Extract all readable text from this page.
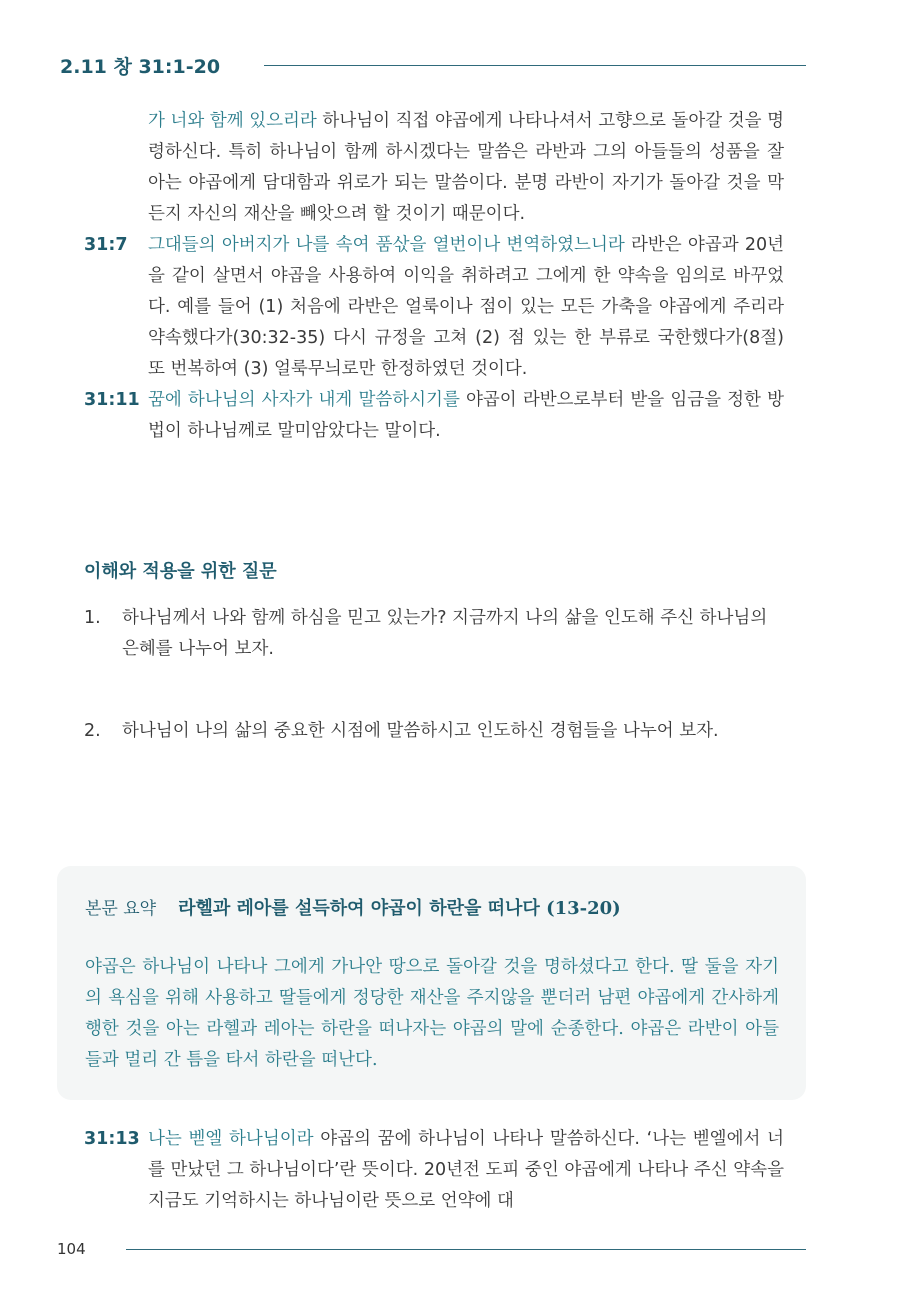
2.11 창 31:1-20
가 너와 함께 있으리라 하나님이 직접 야곱에게 나타나셔서 고향으로 돌아갈 것을 명령하신다. 특히 하나님이 함께 하시겠다는 말씀은 라반과 그의 아들들의 성품을 잘 아는 야곱에게 담대함과 위로가 되는 말씀이다. 분명 라반이 자기가 돌아갈 것을 막든지 자신의 재산을 빼앗으려 할 것이기 때문이다.
31:7	그대들의 아버지가 나를 속여 품삯을 열번이나 변역하였느니라 라반은 야곱과 20년을 같이 살면서 야곱을 사용하여 이익을 취하려고 그에게 한 약속을 임의로 바꾸었다. 예를 들어 (1) 처음에 라반은 얼룩이나 점이 있는 모든 가축을 야곱에게 주리라 약속했다가(30:32-35) 다시 규정을 고쳐 (2) 점 있는 한 부류로 국한했다가(8절) 또 번복하여 (3) 얼룩무늬로만 한정하였던 것이다.
31:11 꿈에 하나님의 사자가 내게 말씀하시기를 야곱이 라반으로부터 받을 임금을 정한 방법이 하나님께로 말미암았다는 말이다.
이해와 적용을 위한 질문
1.	하나님께서 나와 함께 하심을 믿고 있는가? 지금까지 나의 삶을 인도해 주신 하나님의 은혜를 나누어 보자.
2.	하나님이 나의 삶의 중요한 시점에 말씀하시고 인도하신 경험들을 나누어 보자.
본문 요약 라헬과 레아를 설득하여 야곱이 하란을 떠나다 (13-20)
야곱은 하나님이 나타나 그에게 가나안 땅으로 돌아갈 것을 명하셨다고 한다. 딸 둘을 자기의 욕심을 위해 사용하고 딸들에게 정당한 재산을 주지않을 뿐더러 남편 야곱에게 간사하게 행한 것을 아는 라헬과 레아는 하란을 떠나자는 야곱의 말에 순종한다. 야곱은 라반이 아들들과 멀리 간 틈을 타서 하란을 떠난다.
31:13 나는 벧엘 하나님이라 야곱의 꿈에 하나님이 나타나 말씀하신다. ‘나는 벧엘에서 너를 만났던 그 하나님이다’란 뜻이다. 20년전 도피 중인 야곱에게 나타나 주신 약속을 지금도 기억하시는 하나님이란 뜻으로 언약에 대
104
